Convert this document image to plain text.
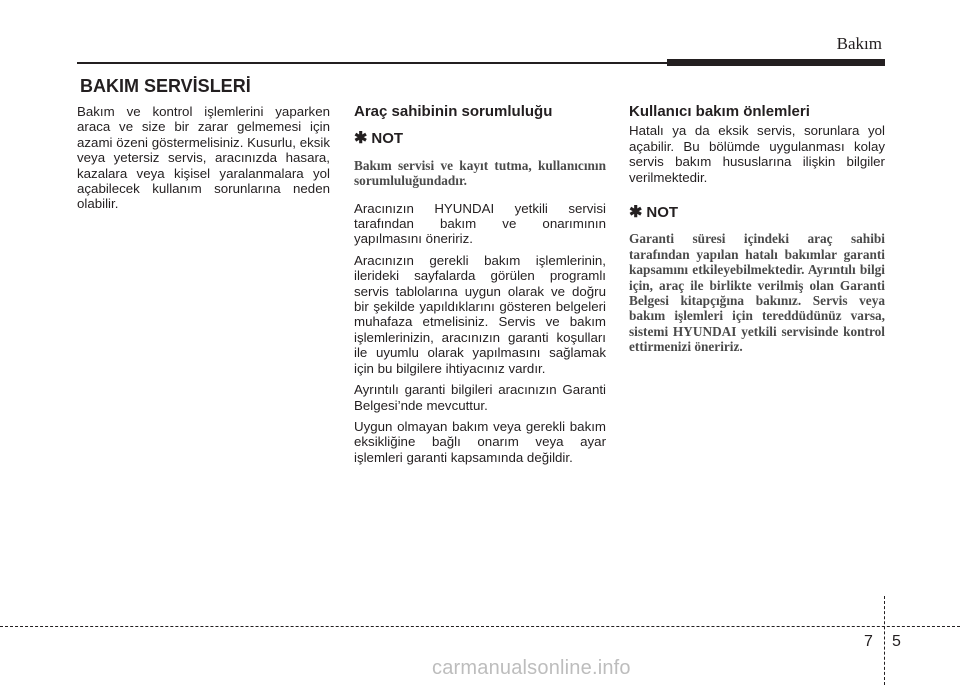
Bakım
BAKIM SERVİSLERİ

Bakım ve kontrol işlemlerini yaparken araca ve size bir zarar gelmemesi için azami özeni göstermelisiniz. Kusurlu, eksik veya yetersiz servis, aracınızda hasara, kazalara veya kişisel yaralanmalara yol açabilecek kullanım sorunlarına neden olabilir.

Araç sahibinin sorumluluğu
✱ NOT
Bakım servisi ve kayıt tutma, kullanıcının sorumluluğundadır.

Aracınızın HYUNDAI yetkili servisi tarafından bakım ve onarımının yapılmasını öneririz.

Aracınızın gerekli bakım işlemlerinin, ilerideki sayfalarda görülen programlı servis tablolarına uygun olarak ve doğru bir şekilde yapıldıklarını gösteren belgeleri muhafaza etmelisiniz. Servis ve bakım işlemlerinizin, aracınızın garanti koşulları ile uyumlu olarak yapılmasını sağlamak için bu bilgilere ihtiyacınız vardır.

Ayrıntılı garanti bilgileri aracınızın Garanti Belgesi’nde mevcuttur.

Uygun olmayan bakım veya gerekli bakım eksikliğine bağlı onarım veya ayar işlemleri garanti kapsamında değildir.

Kullanıcı bakım önlemleri

Hatalı ya da eksik servis, sorunlara yol açabilir. Bu bölümde uygulanması kolay servis bakım hususlarına ilişkin bilgiler verilmektedir.

✱ NOT
Garanti süresi içindeki araç sahibi tarafından yapılan hatalı bakımlar garanti kapsamını etkileyebilmektedir. Ayrıntılı bilgi için, araç ile birlikte verilmiş olan Garanti Belgesi kitapçığına bakınız. Servis veya bakım işlemleri için tereddüdünüz varsa, sistemi HYUNDAI yetkili servisinde kontrol ettirmenizi öneririz.
7 5
carmanualsonline.info
